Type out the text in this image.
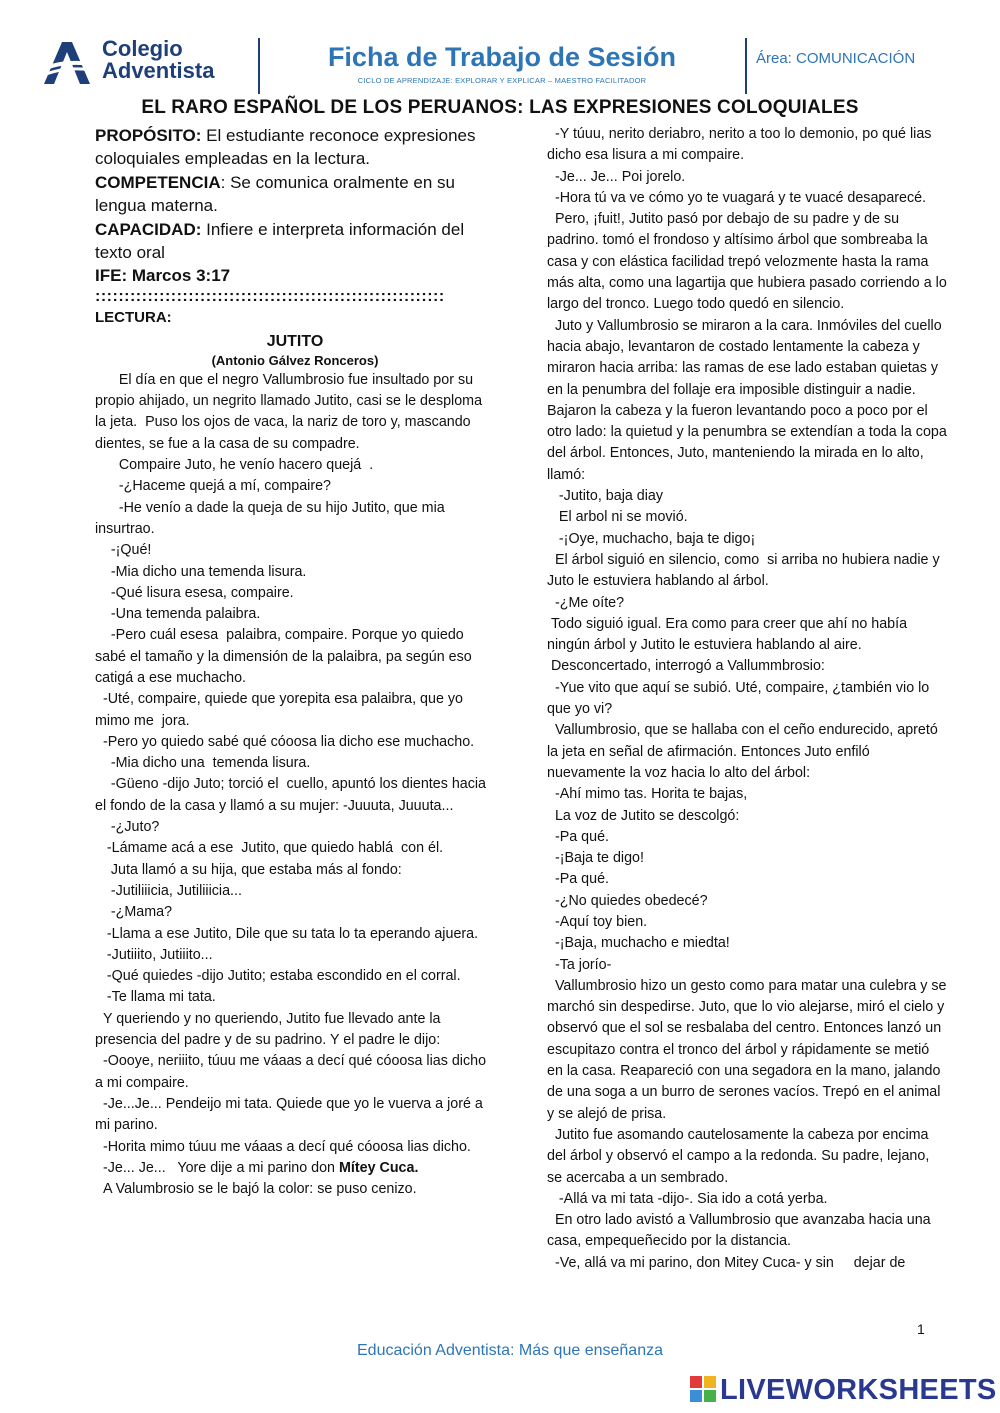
Colegio
Adventista	Ficha de Trabajo de Sesión
CICLO DE APRENDIZAJE: EXPLORAR Y EXPLICAR – MAESTRO FACILITADOR
Área: COMUNICACIÓN
EL RARO ESPAÑOL DE LOS PERUANOS: LAS EXPRESIONES COLOQUIALES

PROPÓSITO: El estudiante reconoce expresiones coloquiales empleadas en la lectura.

COMPETENCIA: Se comunica oralmente en su lengua materna.

CAPACIDAD: Infiere e interpreta información del texto oral

IFE: Marcos 3:17

::::::::::::::::::::::::::::::::::::::::::::::::::::::::::::
LECTURA:
JUTITO
(Antonio Gálvez Ronceros)

El día en que el negro Vallumbrosio fue insultado por su propio ahijado, un negrito llamado Jutito, casi se le desploma la jeta.  Puso los ojos de vaca, la nariz de toro y, mascando dientes, se fue a la casa de su compadre.

Compaire Juto, he venío hacero quejá  .

-¿Haceme quejá a mí, compaire?

-He venío a dade la queja de su hijo Jutito, que mia insurtrao.

-¡Qué!

-Mia dicho una temenda lisura.

-Qué lisura esesa, compaire.

-Una temenda palaibra.

-Pero cuál esesa  palaibra, compaire. Porque yo quiedo sabé el tamaño y la dimensión de la palaibra, pa según eso catigá a ese muchacho.

-Uté, compaire, quiede que yorepita esa palaibra, que yo mimo me  jora.

-Pero yo quiedo sabé qué cóoosa lia dicho ese muchacho.

-Mia dicho una  temenda lisura.

-Güeno -dijo Juto; torció el  cuello, apuntó los dientes hacia el fondo de la casa y llamó a su mujer: -Juuuta, Juuuta...

-¿Juto?

-Lámame acá a ese  Jutito, que quiedo hablá  con él.

Juta llamó a su hija, que estaba más al fondo:

-Jutiliiicia, Jutiliiicia...

-¿Mama?

-Llama a ese Jutito, Dile que su tata lo ta eperando ajuera.

-Jutiiito, Jutiiito...

-Qué quiedes -dijo Jutito; estaba escondido en el corral.

-Te llama mi tata.

Y queriendo y no queriendo, Jutito fue llevado ante la presencia del padre y de su padrino. Y el padre le dijo:

-Oooye, neriiito, túuu me váaas a decí qué cóoosa lias dicho a mi compaire.

-Je...Je... Pendeijo mi tata. Quiede que yo le vuerva a joré a mi parino.

-Horita mimo túuu me váaas a decí qué cóoosa lias dicho.

-Je... Je...   Yore dije a mi parino don Mítey Cuca.

A Valumbrosio se le bajó la color: se puso cenizo.

-Y túuu, nerito deriabro, nerito a too lo demonio, po qué lias dicho esa lisura a mi compaire.

-Je... Je... Poi jorelo.

-Hora tú va ve cómo yo te vuagará y te vuacé desaparecé.

Pero, ¡fuit!, Jutito pasó por debajo de su padre y de su padrino. tomó el frondoso y altísimo árbol que sombreaba la casa y con elástica facilidad trepó velozmente hasta la rama más alta, como una lagartija que hubiera pasado corriendo a lo largo del tronco. Luego todo quedó en silencio.

Juto y Vallumbrosio se miraron a la cara. Inmóviles del cuello hacia abajo, levantaron de costado lentamente la cabeza y miraron hacia arriba: las ramas de ese lado estaban quietas y en la penumbra del follaje era imposible distinguir a nadie. Bajaron la cabeza y la fueron levantando poco a poco por el otro lado: la quietud y la penumbra se extendían a toda la copa del árbol. Entonces, Juto, manteniendo la mirada en lo alto, llamó:

-Jutito, baja diay

El arbol ni se movió.

-¡Oye, muchacho, baja te digo¡

El árbol siguió en silencio, como  si arriba no hubiera nadie y Juto le estuviera hablando al árbol.

-¿Me oíte?

Todo siguió igual. Era como para creer que ahí no había ningún árbol y Jutito le estuviera hablando al aire.

Desconcertado, interrogó a Vallummbrosio:

-Yue vito que aquí se subió. Uté, compaire, ¿también vio lo que yo vi?

Vallumbrosio, que se hallaba con el ceño endurecido, apretó la jeta en señal de afirmación. Entonces Juto enfiló nuevamente la voz hacia lo alto del árbol:

-Ahí mimo tas. Horita te bajas,

La voz de Jutito se descolgó:

-Pa qué.

-¡Baja te digo!

-Pa qué.

-¿No quiedes obedecé?

-Aquí toy bien.

-¡Baja, muchacho e miedta!

-Ta jorío-

Vallumbrosio hizo un gesto como para matar una culebra y se marchó sin despedirse. Juto, que lo vio alejarse, miró el cielo y observó que el sol se resbalaba del centro. Entonces lanzó un escupitazo contra el tronco del árbol y rápidamente se metió en la casa. Reapareció con una segadora en la mano, jalando de una soga a un burro de serones vacíos. Trepó en el animal y se alejó de prisa.

Jutito fue asomando cautelosamente la cabeza por encima del árbol y observó el campo a la redonda. Su padre, lejano, se acercaba a un sembrado.

-Allá va mi tata -dijo-. Sia ido a cotá yerba.

En otro lado avistó a Vallumbrosio que avanzaba hacia una casa, empequeñecido por la distancia.

-Ve, allá va mi parino, don Mitey Cuca- y sin     dejar de

1
Educación Adventista: Más que enseñanza
LIVEWORKSHEETS
